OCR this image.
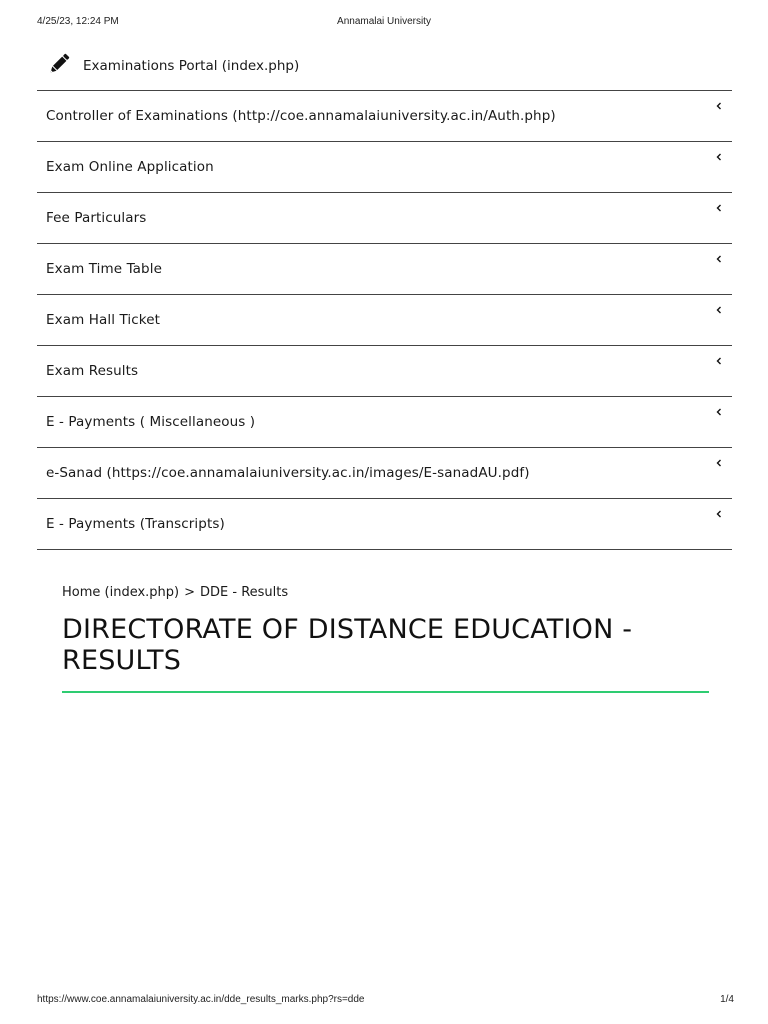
4/25/23, 12:24 PM	Annamalai University
Examinations Portal (index.php)
Controller of Examinations (http://coe.annamalaiuniversity.ac.in/Auth.php)
Exam Online Application
Fee Particulars
Exam Time Table
Exam Hall Ticket
Exam Results
E - Payments ( Miscellaneous )
e-Sanad (https://coe.annamalaiuniversity.ac.in/images/E-sanadAU.pdf)
E - Payments (Transcripts)
Home (index.php) > DDE - Results
DIRECTORATE OF DISTANCE EDUCATION - RESULTS
https://www.coe.annamalaiuniversity.ac.in/dde_results_marks.php?rs=dde	1/4
